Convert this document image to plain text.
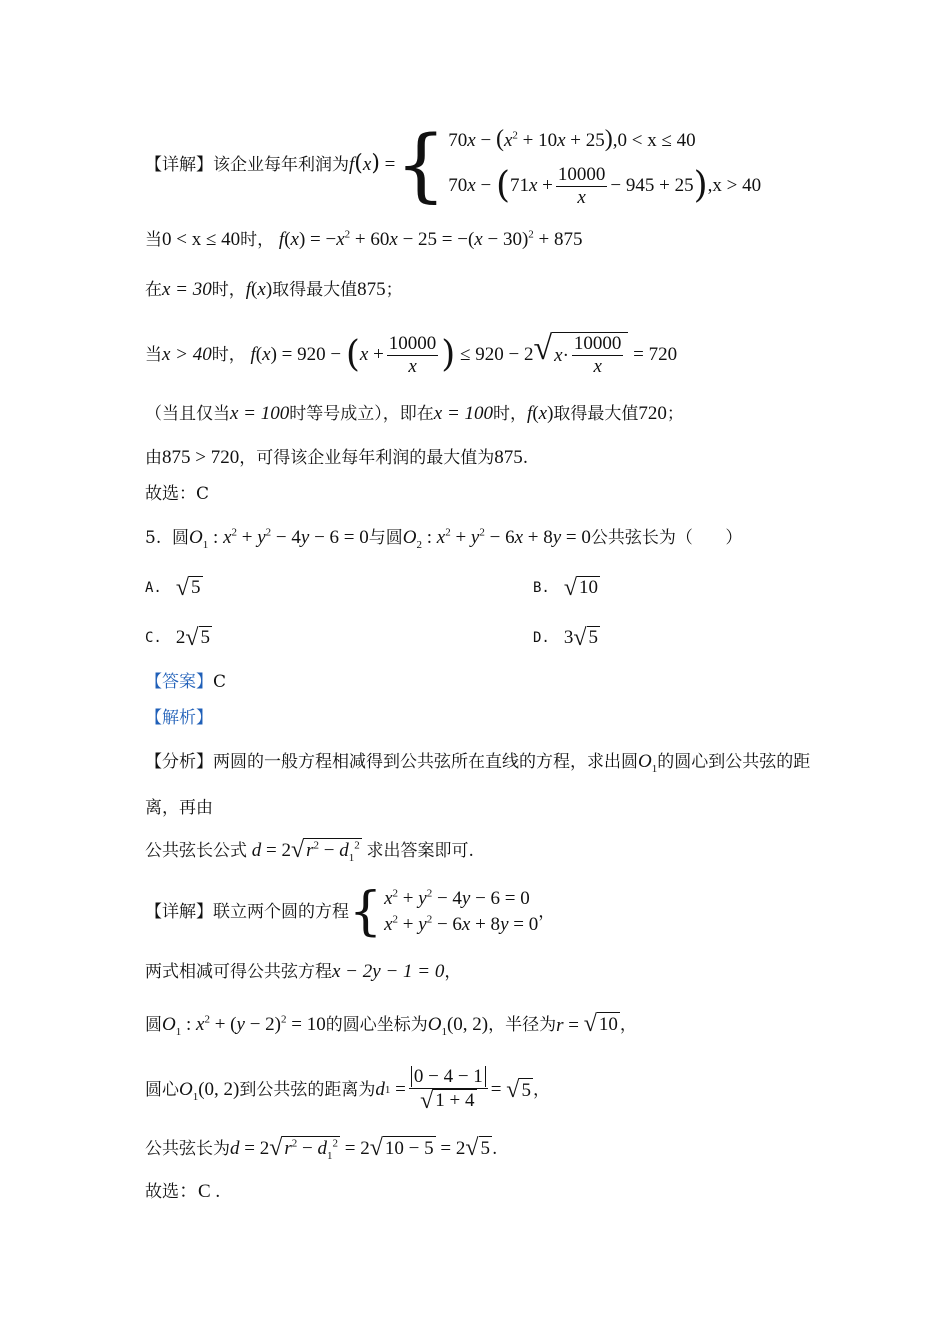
【详解】该企业每年利润为 f(x) = { $70x - (x^2 + 10x + 25),0 < x \le 40$
70 x − ( 71 $x + \frac{10000}{x} - 945 + 25$ ) ,x > 40
当 0 < x ≤ 40 时， $f(x) = -x^2 + 60x - 25 = -(x - 30)^2 + 875$
在 x = 30 时， f(x) 取得最大值 875 ；
当 x > 40 时，
f ( x ) = 920 − ( $x + \frac{10000}{x}$ ) ≤ 920 − 2 √ $x \cdot \frac{10000}{x} = 720$
（当且仅当 x = 100 时等号成立），即在 x = 100 时， f(x) 取得最大值 720 ；
由 875 > 720 ，可得该企业每年利润的最大值为 875 .
故选：C
5.
圆 $O_1$ : $x^2 + y^2 - 4y - 6 = 0$ 与圆 $O_2$ : $x^2 + y^2 - 6x + 8y = 0$ 公共弦长为（
）
A. √ 5	B. √ 10
C. 2 √ 5	D. 3 √ 5
【答案】 C
【解析】
【分析】两圆的一般方程相减得到公共弦所在直线的方程，求出圆 $O_1$ 的圆心到公共弦的距
离，再由
公共弦长公式
d = 2 √ $r^2 - d_1^2$
求出答案即可.
【详解】联立两个圆的方程 { $x^2 + y^2 - 4y - 6 = 0$
$x^2 + y^2 - 6x + 8y = 0$
，
两式相减可得公共弦方程 x − 2y − 1 = 0 ，
圆 $O_1$ : $x^2 + (y - 2)^2 = 10$ 的圆心坐标为 $O_1(0$, 2) ，半径为 r = √ 10 ，
圆心 $O_1(0$, 2) 到公共弦的距离为 d $1 = \frac{0 - 4 - 1}{√ 1 + 4}$ = √ 5 ，
公共弦长为 d = 2 √ $r^2 - d_1^2 = 2$ √ 10 − 5 = 2 √ 5 .
故选 ：C .
